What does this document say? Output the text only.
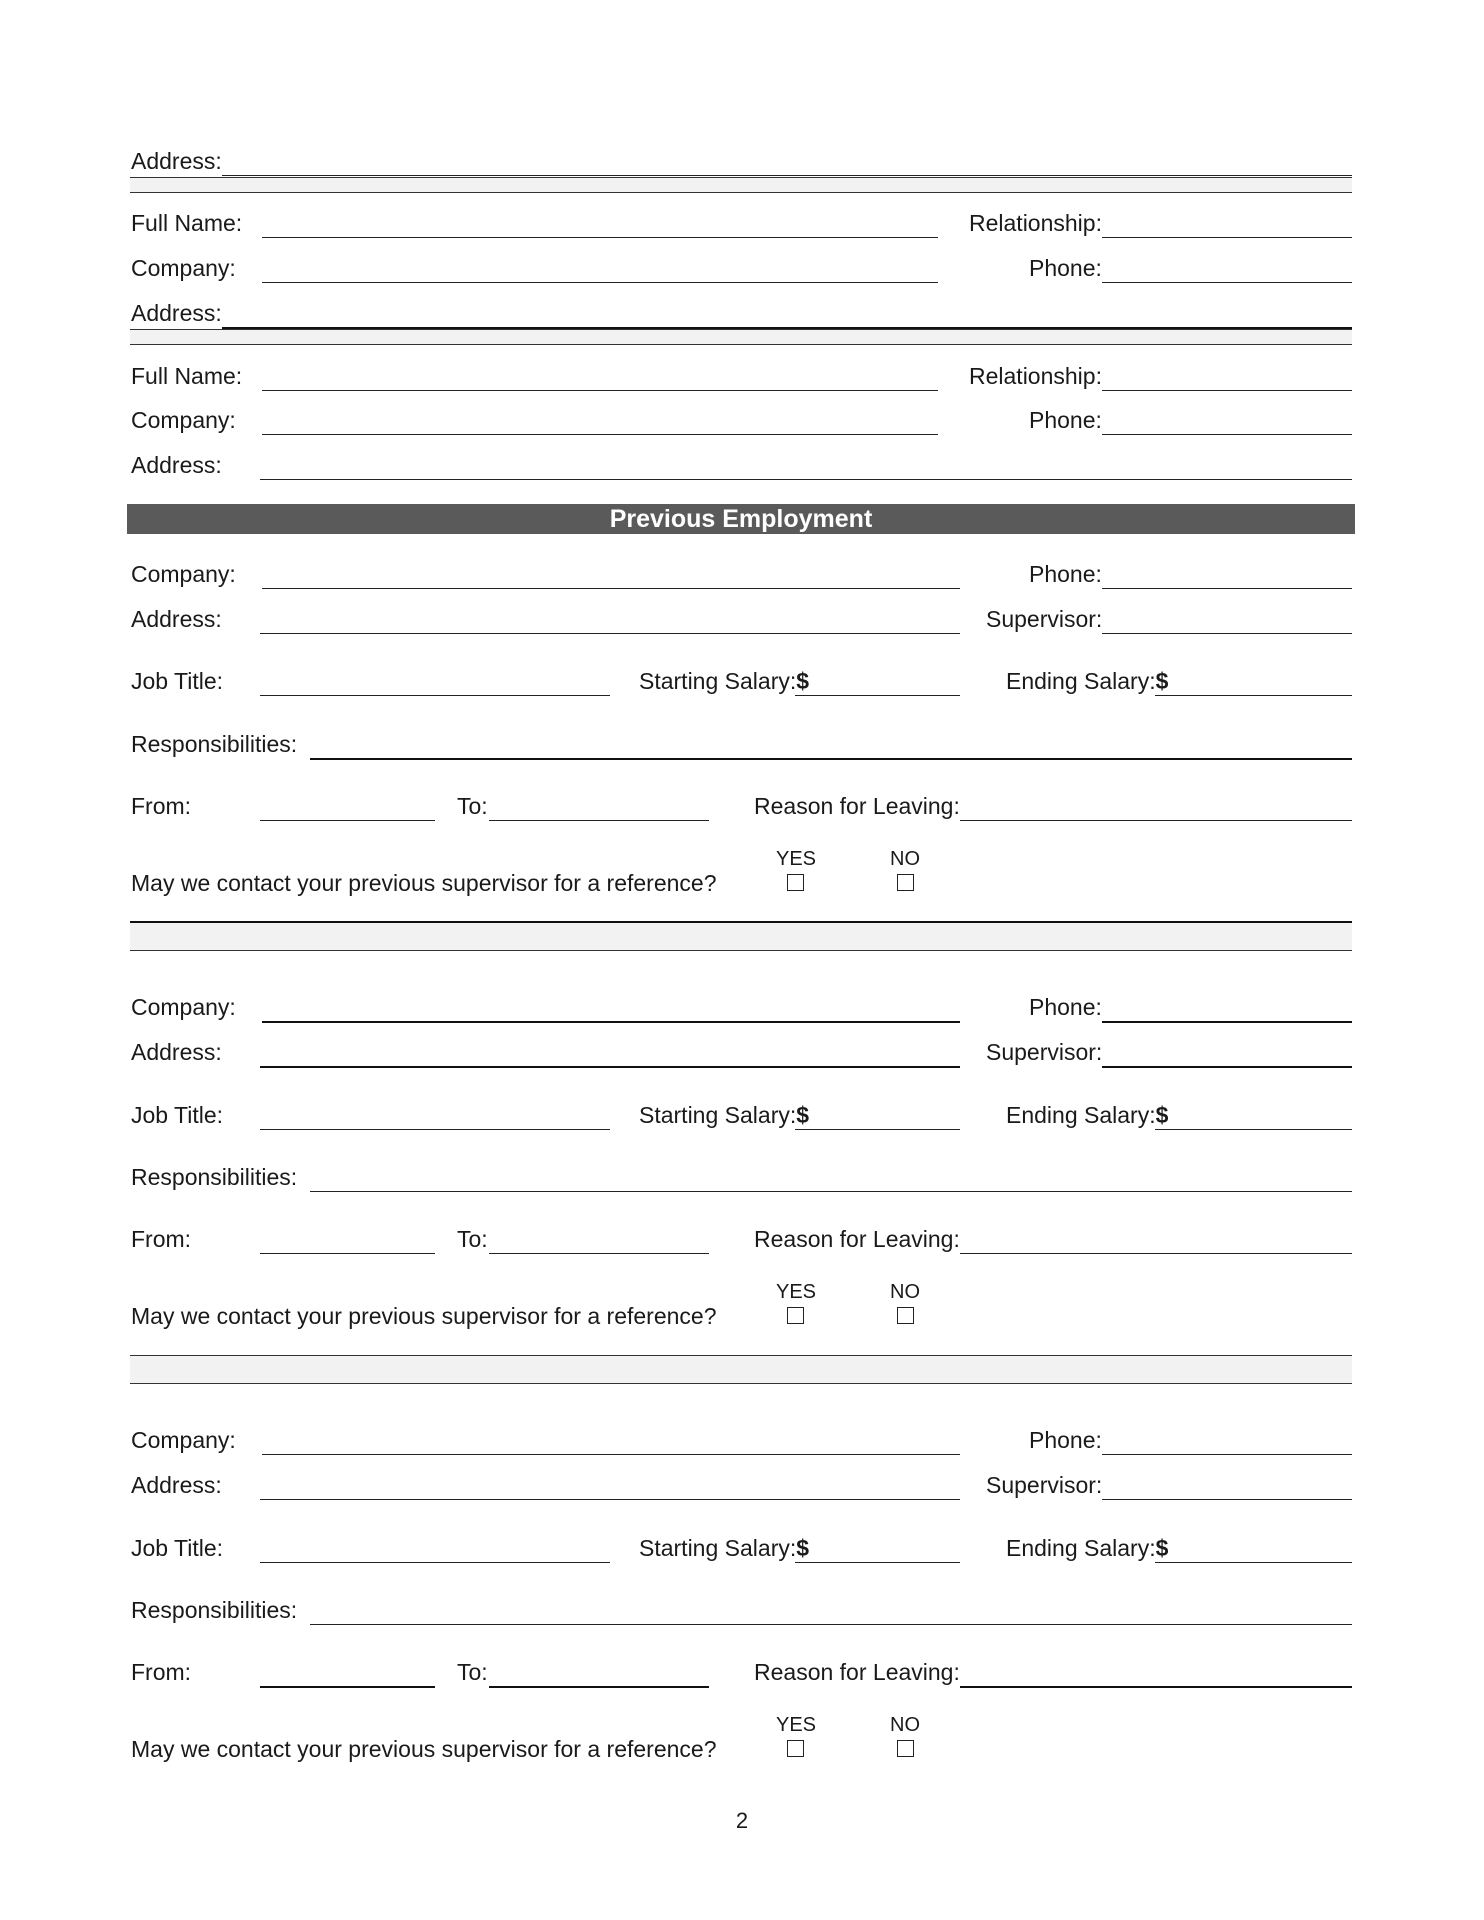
Address:
Full Name:	Relationship:
Company:	Phone:
Address:
Full Name:	Relationship:
Company:	Phone:
Address:
Previous Employment
Company:	Phone:
Address:	Supervisor:
Job Title:	Starting Salary:$	Ending Salary:$
Responsibilities:
From:	To:	Reason for Leaving:
May we contact your previous supervisor for a reference?
YES	NO
Company:	Phone:
Address:	Supervisor:
Job Title:	Starting Salary:$	Ending Salary:$
Responsibilities:
From:	To:	Reason for Leaving:
May we contact your previous supervisor for a reference?
YES	NO
Company:	Phone:
Address:	Supervisor:
Job Title:	Starting Salary:$	Ending Salary:$
Responsibilities:
From:	To:	Reason for Leaving:
May we contact your previous supervisor for a reference?
YES	NO
2
